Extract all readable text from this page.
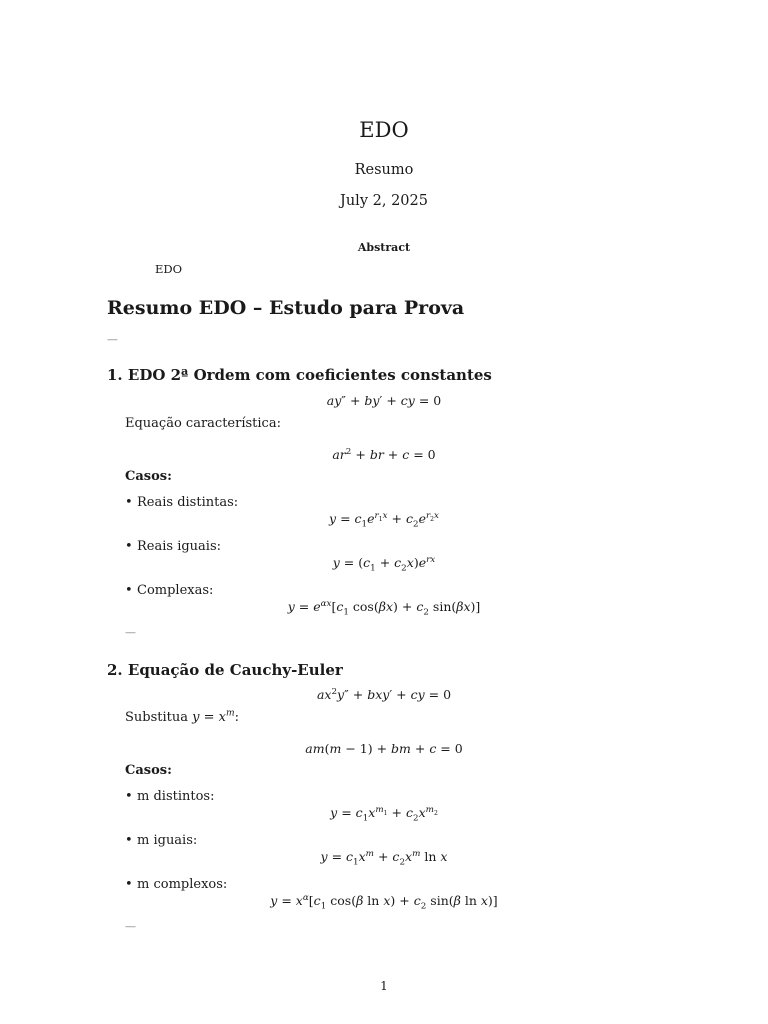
EDO

Resumo

July 2, 2025

Abstract

EDO

Resumo EDO – Estudo para Prova

—

1. EDO 2ª Ordem com coeficientes constantes

ay″ + by′ + cy = 0

Equação característica:

$ar^2$ + br + c = 0

Casos:

• Reais distintas:

$y = c_1e^{r_1x} + c_2e^{r_2x}$

• Reais iguais:

$y = (c_1 + c_2x)e^{rx}$

• Complexas:

$y = e^{\alpha x}[c_1$ $\cos(\beta x) + c_2$ sin(βx)]

—

2. Equação de Cauchy-Euler

$ax^2y'' + bxy'$ + cy = 0

Substitua $y = x^m$:

am(m − 1) + bm + c = 0

Casos:

• m distintos:

$y = c_1x^{m_1} + c_2x^{m_2}$

• m iguais:

$y = c_1x^m + c_2x^m$ ln x

• m complexos:

$y = x^\alpha[c_1$ cos(β $\ln x) + c_2$ sin(β ln x)]

—

1
